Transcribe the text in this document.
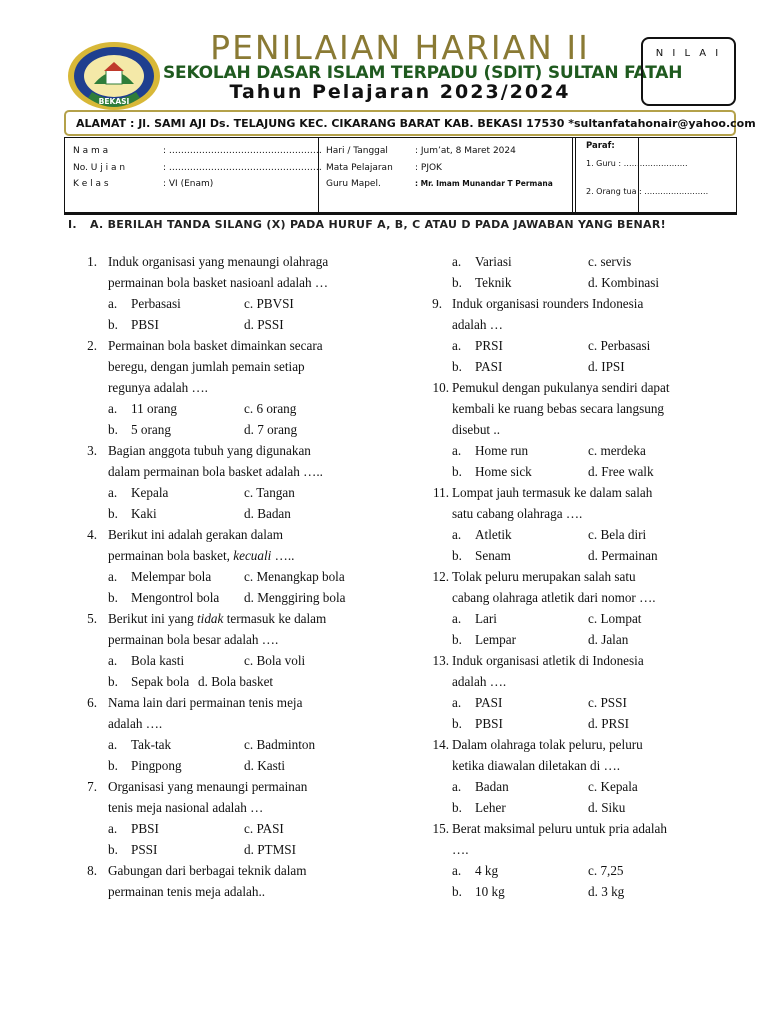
BEKASI
PENILAIAN HARIAN II
SEKOLAH DASAR ISLAM TERPADU (SDIT) SULTAN FATAH
Tahun Pelajaran 2023/2024
N I L A I
ALAMAT : Jl. SAMI AJI Ds. TELAJUNG KEC. CIKARANG BARAT KAB. BEKASI 17530 *sultanfatahonair@yahoo.com
N a m a	: ……………………………………………
No. U j i a n	: ……………………………………………
K e l a s	: VI (Enam)
Hari / Tanggal	: Jum’at, 8 Maret 2024
Mata Pelajaran : PJOK
Guru Mapel.	: Mr. Imam Munandar T Permana
Paraf:
1. Guru : ……………………
2. Orang tua : ……………………
I.	A. BERILAH TANDA SILANG (X) PADA HURUF A, B, C ATAU D PADA JAWABAN YANG BENAR!
1. Induk organisasi yang menaungi olahraga
permainan bola basket nasioanl adalah …
a. Perbasasi	c. PBVSI
b. PBSI	d. PSSI
2. Permainan bola basket dimainkan secara
beregu, dengan jumlah pemain setiap
regunya adalah ….
a. 11 orang	c. 6 orang
b. 5 orang	d. 7 orang
3. Bagian anggota tubuh yang digunakan
dalam permainan bola basket adalah …..
a. Kepala	c. Tangan
b. Kaki	d. Badan
4. Berikut ini adalah gerakan dalam
permainan bola basket, kecuali …..
a. Melempar bola c. Menangkap bola
b. Mengontrol bola d. Menggiring bola
5. Berikut ini yang tidak termasuk ke dalam
permainan bola besar adalah ….
a. Bola kasti	c. Bola voli
b. Sepak bola d. Bola basket
6. Nama lain dari permainan tenis meja
adalah ….
a. Tak-tak	c. Badminton
b. Pingpong	d. Kasti
7. Organisasi yang menaungi permainan
tenis meja nasional adalah …
a. PBSI	c. PASI
b. PSSI	d. PTMSI
8. Gabungan dari berbagai teknik dalam
permainan tenis meja adalah..
a. Variasi	c. servis
b. Teknik	d. Kombinasi
9. Induk organisasi rounders Indonesia
adalah …
a. PRSI	c. Perbasasi
b. PASI	d. IPSI
10. Pemukul dengan pukulanya sendiri dapat
kembali ke ruang bebas secara langsung
disebut ..
a. Home run	c. merdeka
b. Home sick	d. Free walk
11. Lompat jauh termasuk ke dalam salah
satu cabang olahraga ….
a. Atletik	c. Bela diri
b. Senam	d. Permainan
12. Tolak peluru merupakan salah satu
cabang olahraga atletik dari nomor ….
a. Lari	c. Lompat
b. Lempar	d. Jalan
13. Induk organisasi atletik di Indonesia
adalah ….
a. PASI	c. PSSI
b. PBSI	d. PRSI
14. Dalam olahraga tolak peluru, peluru
ketika diawalan diletakan di ….
a. Badan	c. Kepala
b. Leher	d. Siku
15. Berat maksimal peluru untuk pria adalah
….
a. 4 kg	c. 7,25
b. 10 kg	d. 3 kg
